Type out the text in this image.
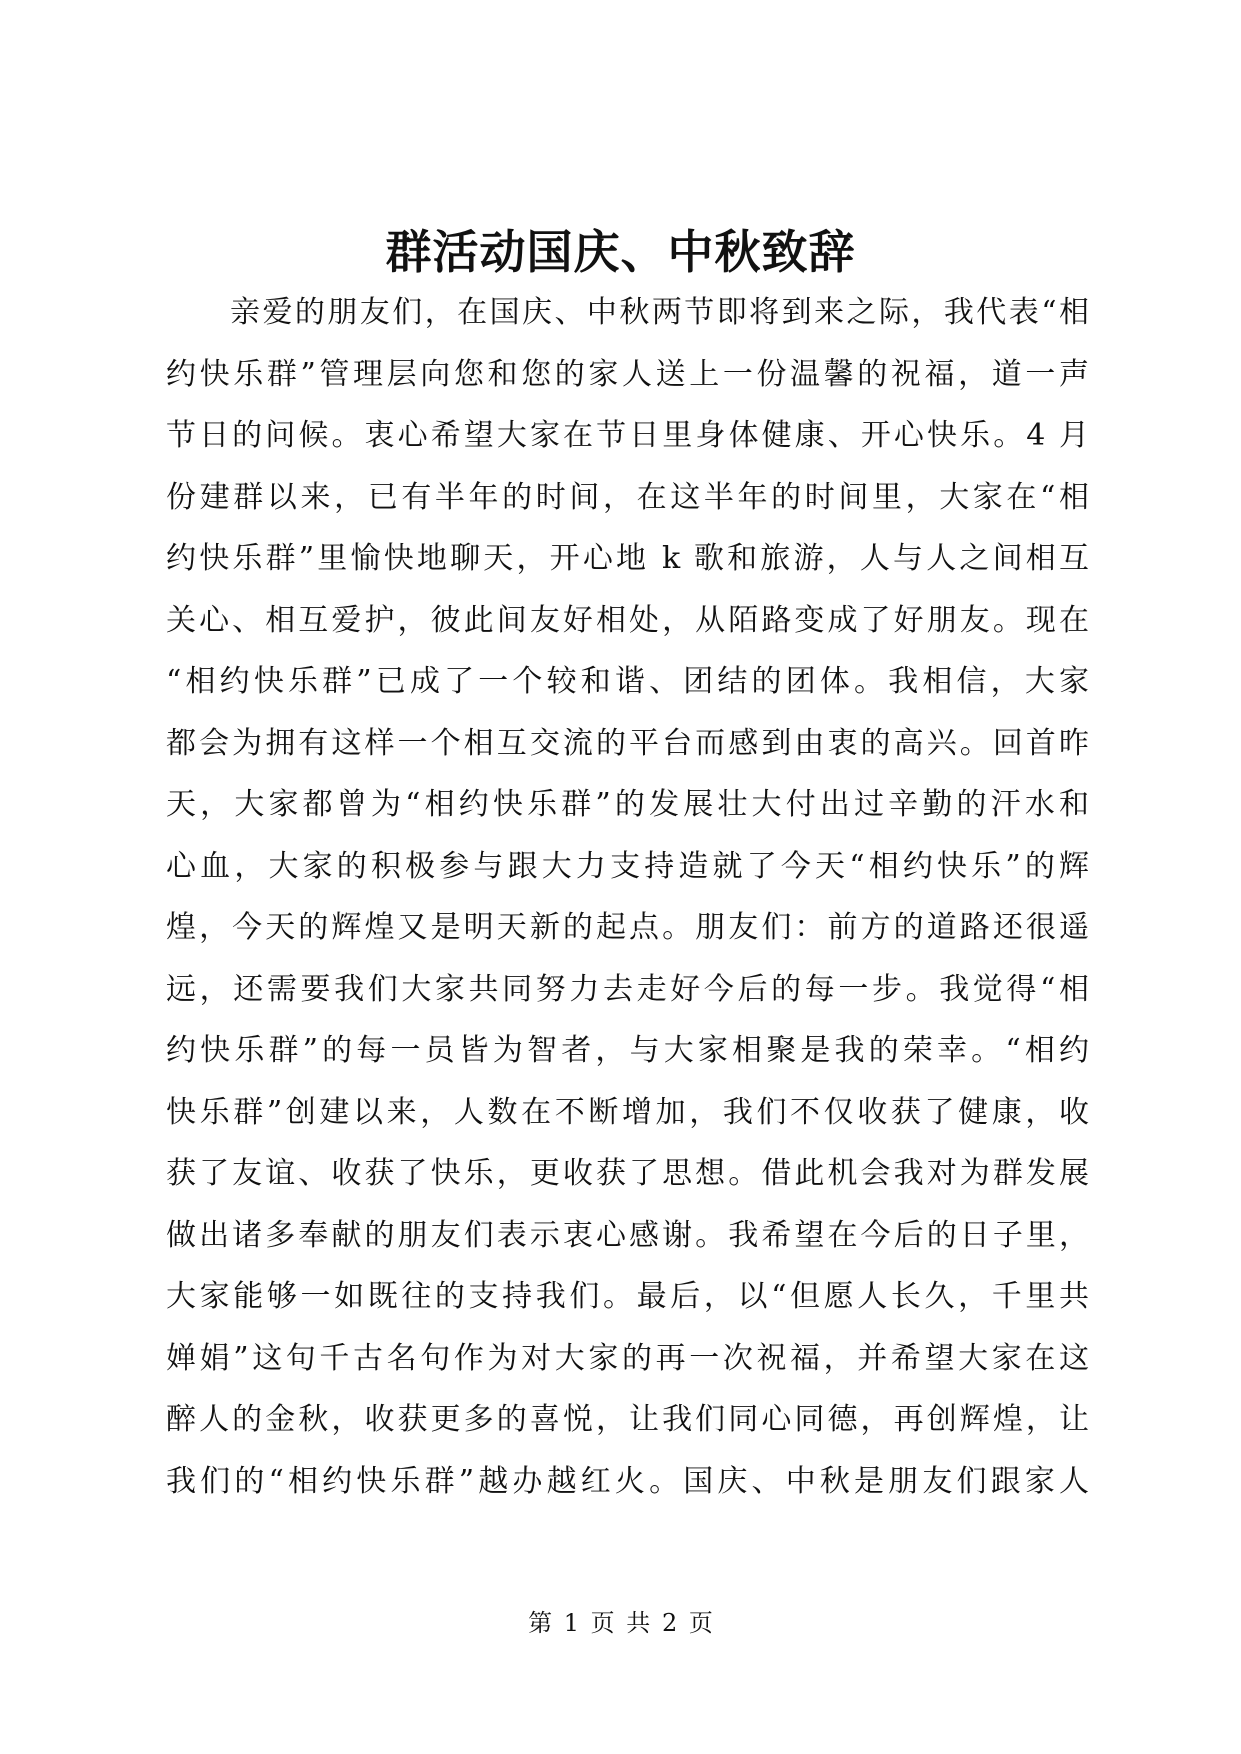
群活动国庆、中秋致辞
亲爱的朋友们，在国庆、中秋两节即将到来之际，我代表“相
约快乐群”管理层向您和您的家人送上一份温馨的祝福，道一声
节日的问候。衷心希望大家在节日里身体健康、开心快乐。4 月
份建群以来，已有半年的时间，在这半年的时间里，大家在“相
约快乐群”里愉快地聊天，开心地 k 歌和旅游，人与人之间相互
关心、相互爱护，彼此间友好相处，从陌路变成了好朋友。现在
“相约快乐群”已成了一个较和谐、团结的团体。我相信，大家
都会为拥有这样一个相互交流的平台而感到由衷的高兴。回首昨
天，大家都曾为“相约快乐群”的发展壮大付出过辛勤的汗水和
心血，大家的积极参与跟大力支持造就了今天“相约快乐”的辉
煌，今天的辉煌又是明天新的起点。朋友们：前方的道路还很遥
远，还需要我们大家共同努力去走好今后的每一步。我觉得“相
约快乐群”的每一员皆为智者，与大家相聚是我的荣幸。“相约
快乐群”创建以来，人数在不断增加，我们不仅收获了健康，收
获了友谊、收获了快乐，更收获了思想。借此机会我对为群发展
做出诸多奉献的朋友们表示衷心感谢。我希望在今后的日子里，
大家能够一如既往的支持我们。最后，以“但愿人长久，千里共
婵娟”这句千古名句作为对大家的再一次祝福，并希望大家在这
醉人的金秋，收获更多的喜悦，让我们同心同德，再创辉煌，让
我们的“相约快乐群”越办越红火。国庆、中秋是朋友们跟家人
第 1 页 共 2 页
